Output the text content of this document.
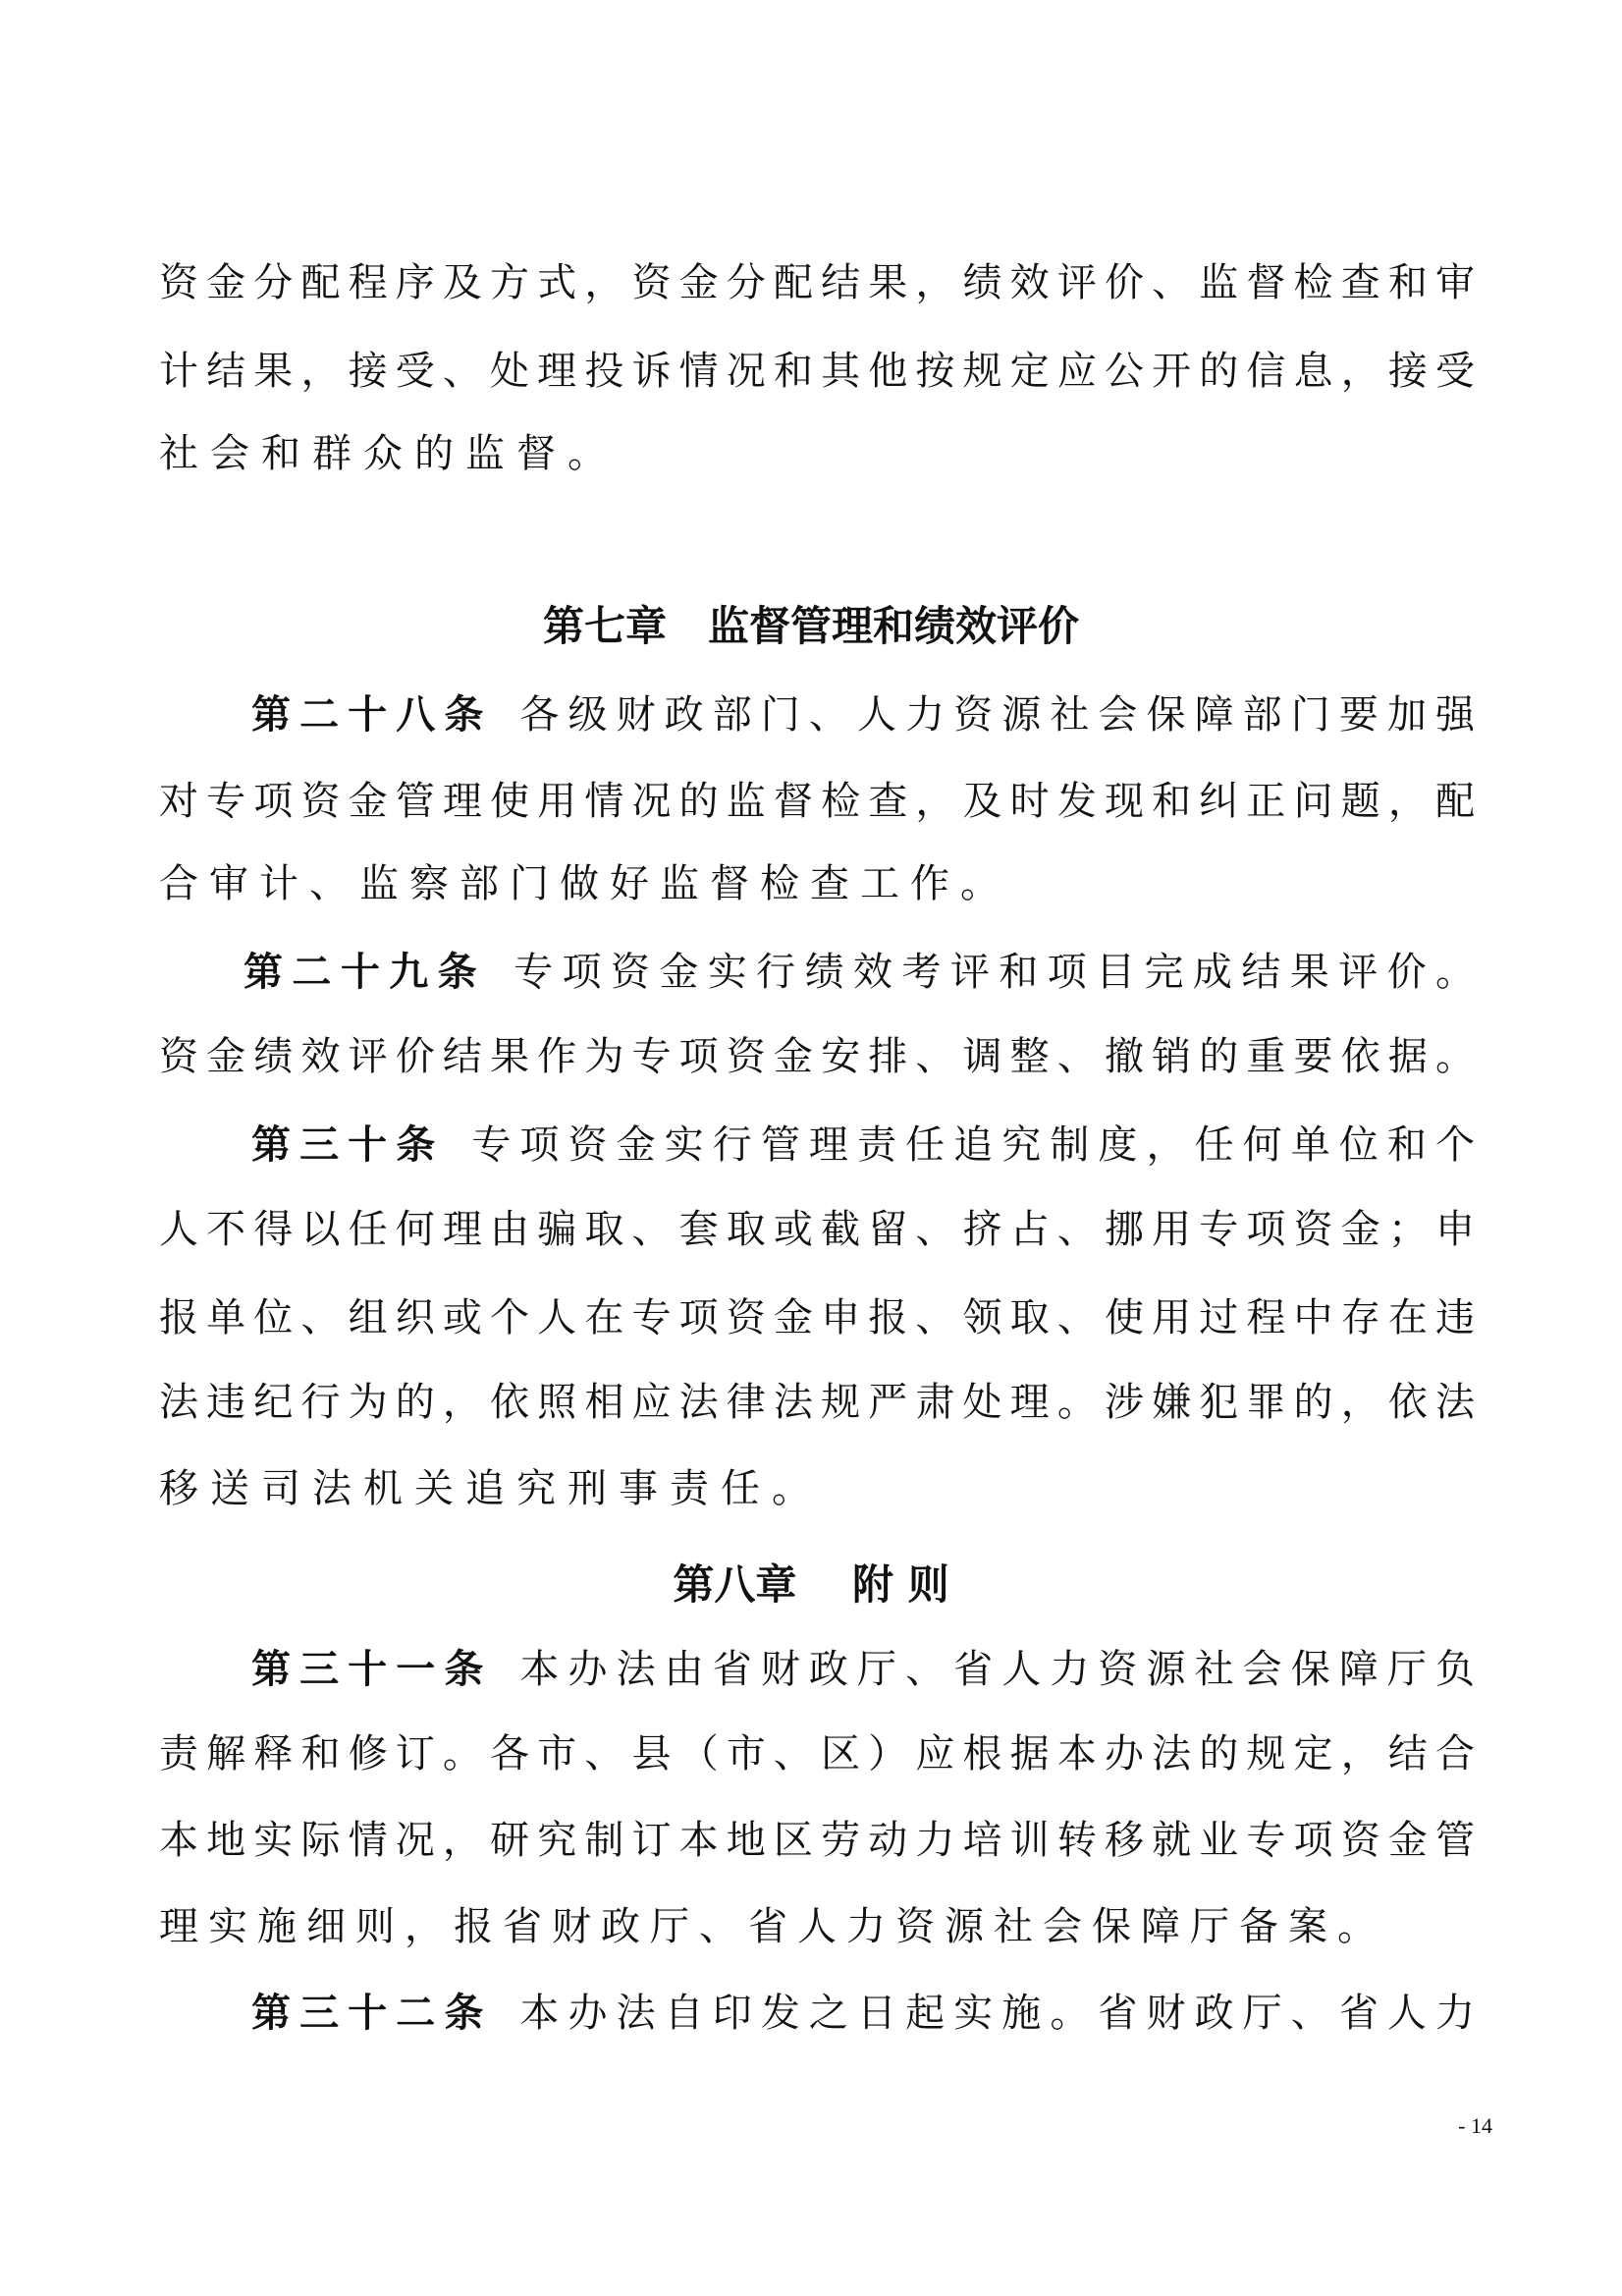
资金分配程序及方式，资金分配结果，绩效评价、监督检查和审
计结果，接受、处理投诉情况和其他按规定应公开的信息，接受
社会和群众的监督。
第七章　监督管理和绩效评价
第二十八条 各级财政部门、人力资源社会保障部门要加强
对专项资金管理使用情况的监督检查，及时发现和纠正问题，配
合审计、监察部门做好监督检查工作。
第二十九条 专项资金实行绩效考评和项目完成结果评价。
资金绩效评价结果作为专项资金安排、调整、撤销的重要依据。
第三十条 专项资金实行管理责任追究制度，任何单位和个
人不得以任何理由骗取、套取或截留、挤占、挪用专项资金；申
报单位、组织或个人在专项资金申报、领取、使用过程中存在违
法违纪行为的，依照相应法律法规严肃处理。涉嫌犯罪的，依法
移送司法机关追究刑事责任。
第八章　 附 则
第三十一条 本办法由省财政厅、省人力资源社会保障厅负
责解释和修订。各市、县（市、区）应根据本办法的规定，结合
本地实际情况，研究制订本地区劳动力培训转移就业专项资金管
理实施细则，报省财政厅、省人力资源社会保障厅备案。
第三十二条 本办法自印发之日起实施。省财政厅、省人力
- 14
